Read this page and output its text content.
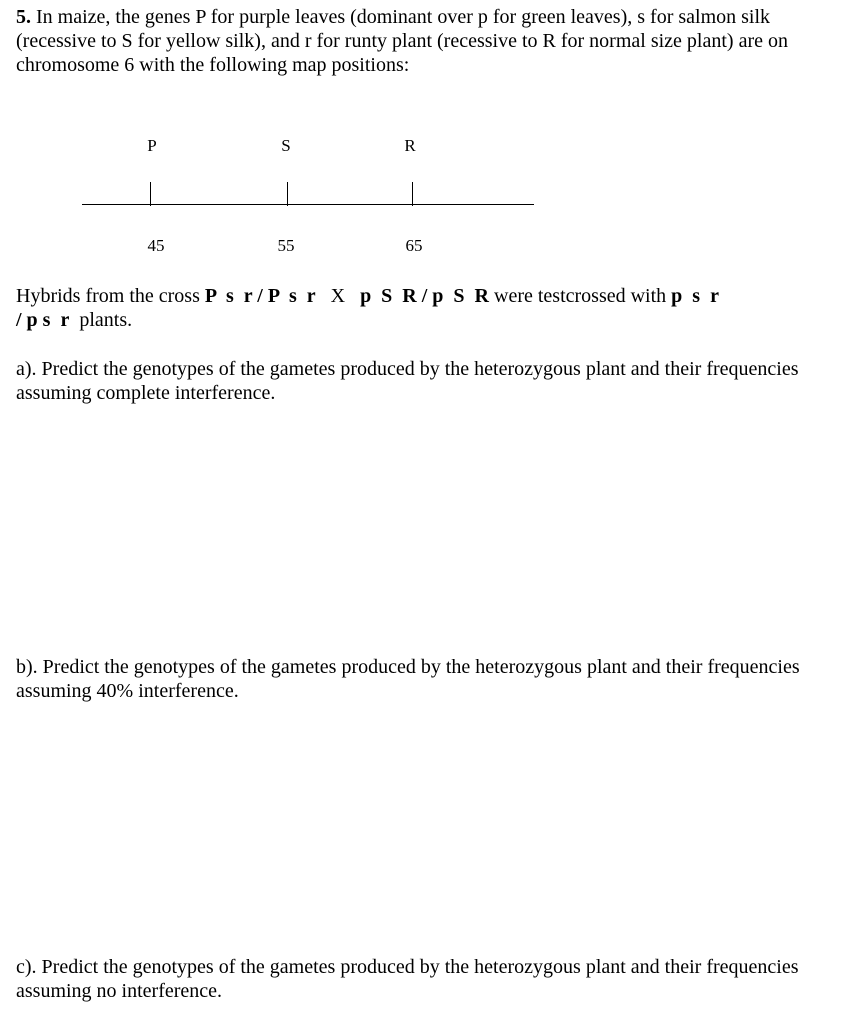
5. In maize, the genes P for purple leaves (dominant over p for green leaves), s for salmon silk (recessive to S for yellow silk), and r for runty plant (recessive to R for normal size plant) are on chromosome 6 with the following map positions:

P	S	R
45	55	65

Hybrids from the cross P  s  r / P  s  r X p  S  R / p  S  R were testcrossed with p  s  r
/ p s  r plants.

a). Predict the genotypes of the gametes produced by the heterozygous plant and their frequencies assuming complete interference.

b). Predict the genotypes of the gametes produced by the heterozygous plant and their frequencies assuming 40% interference.

c). Predict the genotypes of the gametes produced by the heterozygous plant and their frequencies assuming no interference.
